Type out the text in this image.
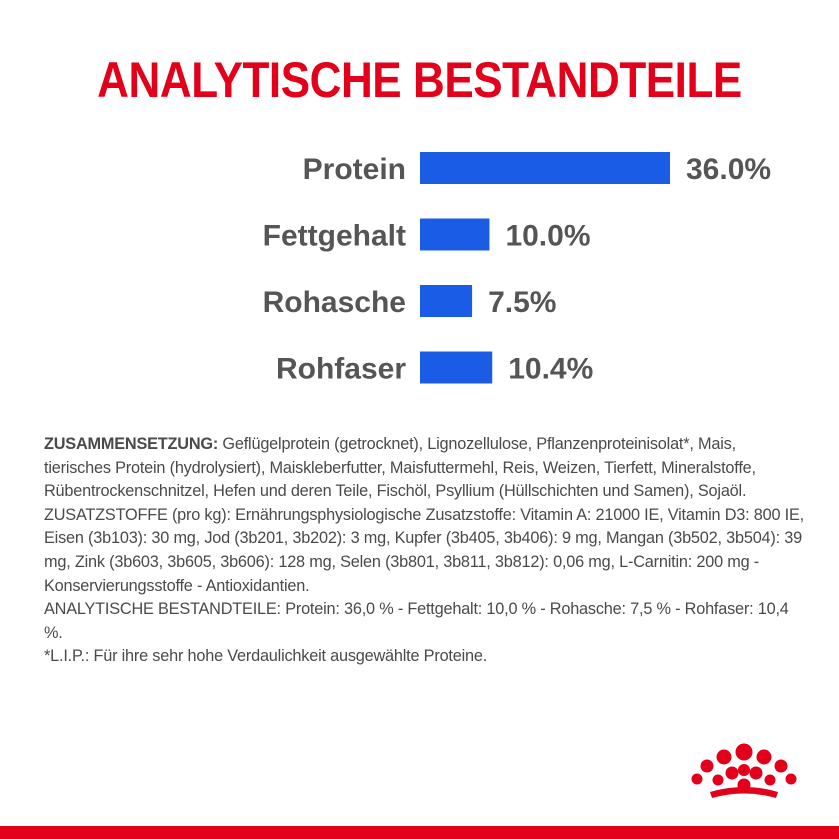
ANALYTISCHE BESTANDTEILE
Protein	36.0%
Fettgehalt	10.0%
Rohasche	7.5%
Rohfaser	10.4%

ZUSAMMENSETZUNG: Geflügelprotein (getrocknet), Lignozellulose, Pflanzenproteinisolat*, Mais, tierisches Protein (hydrolysiert), Maiskleberfutter, Maisfuttermehl, Reis, Weizen, Tierfett, Mineralstoffe, Rübentrockenschnitzel, Hefen und deren Teile, Fischöl, Psyllium (Hüllschichten und Samen), Sojaöl.

ZUSATZSTOFFE (pro kg): Ernährungsphysiologische Zusatzstoffe: Vitamin A: 21000 IE, Vitamin D3: 800 IE, Eisen (3b103): 30 mg, Jod (3b201, 3b202): 3 mg, Kupfer (3b405, 3b406): 9 mg, Mangan (3b502, 3b504): 39 mg, Zink (3b603, 3b605, 3b606): 128 mg, Selen (3b801, 3b811, 3b812): 0,06 mg, L-Carnitin: 200 mg - Konservierungsstoffe - Antioxidantien.

ANALYTISCHE BESTANDTEILE: Protein: 36,0 % - Fettgehalt: 10,0 % - Rohasche: 7,5 % - Rohfaser: 10,4 %.

*L.I.P.: Für ihre sehr hohe Verdaulichkeit ausgewählte Proteine.
